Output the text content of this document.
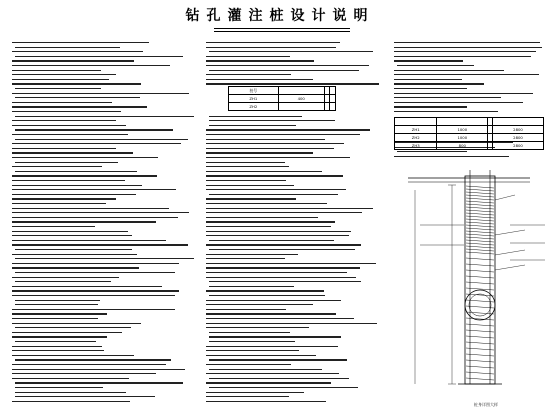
钻孔灌注桩设计说明
桩号			
ZH1	400		
ZH2			

ZH1	1000		2800
ZH2	1000		2800
ZH3	800		2800
桩身详图大样
